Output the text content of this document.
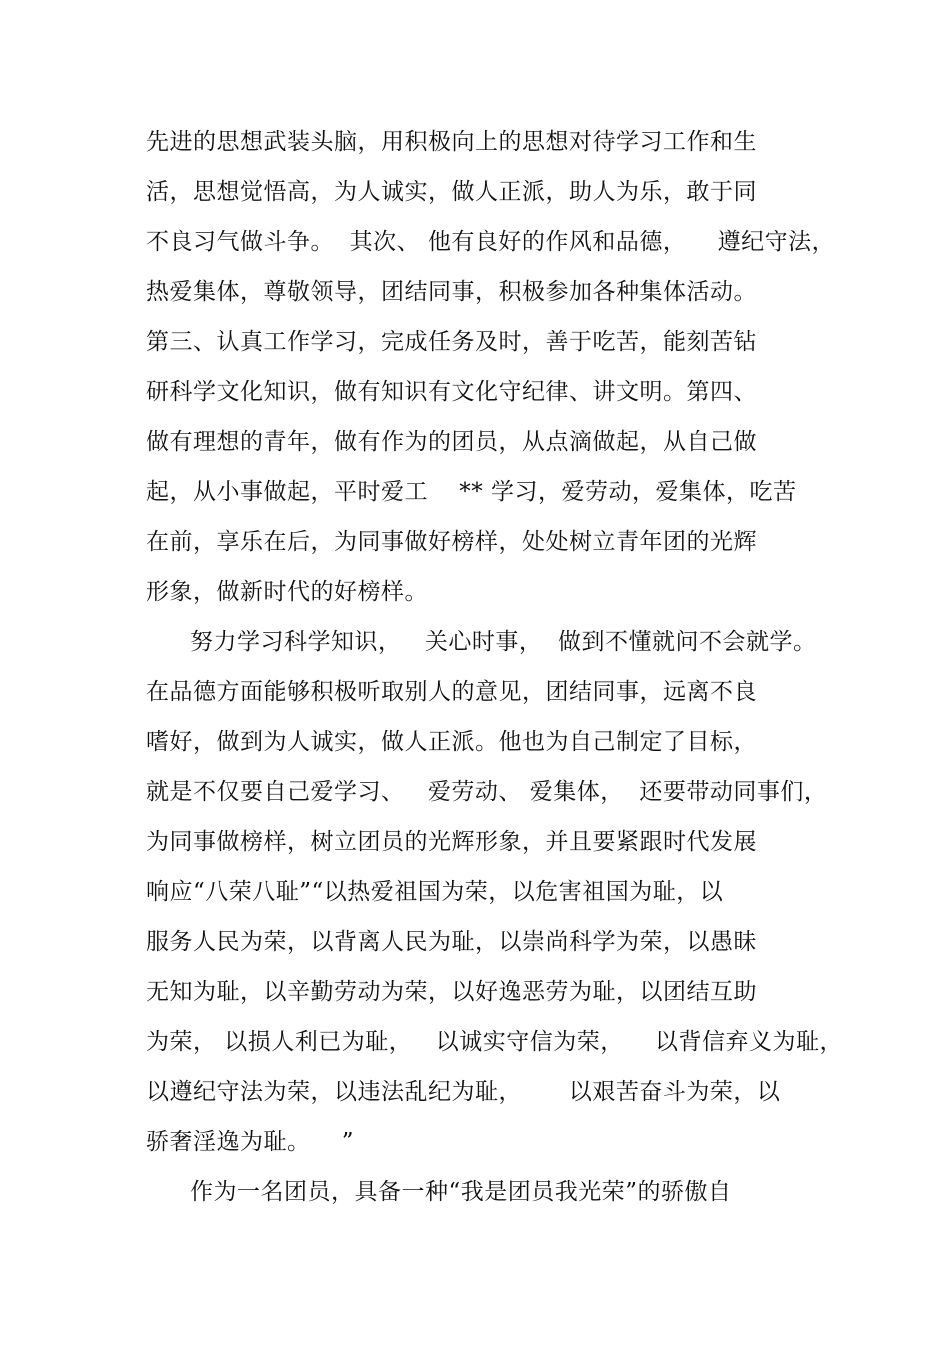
先进的思想武装头脑，用积极向上的思想对待学习工作和生
活，思想觉悟高，为人诚实，做人正派，助人为乐，敢于同
不良习气做斗争。  其次、 他有良好的作风和品德，    遵纪守法，
热爱集体，尊敬领导，团结同事，积极参加各种集体活动。
第三、认真工作学习，完成任务及时，善于吃苦，能刻苦钻
研科学文化知识，做有知识有文化守纪律、讲文明。第四、
做有理想的青年，做有作为的团员，从点滴做起，从自己做
起，从小事做起，平时爱工    ** 学习，爱劳动，爱集体，吃苦
在前，享乐在后，为同事做好榜样，处处树立青年团的光辉
形象，做新时代的好榜样。
努力学习科学知识，   关心时事，  做到不懂就问不会就学。
在品德方面能够积极听取别人的意见，团结同事，远离不良
嗜好，做到为人诚实，做人正派。他也为自己制定了目标，
就是不仅要自己爱学习、   爱劳动、 爱集体，  还要带动同事们，
为同事做榜样，树立团员的光辉形象，并且要紧跟时代发展
响应“八荣八耻”“以热爱祖国为荣，以危害祖国为耻，以
服务人民为荣，以背离人民为耻，以崇尚科学为荣，以愚昧
无知为耻，以辛勤劳动为荣，以好逸恶劳为耻，以团结互助
为荣， 以损人利已为耻，   以诚实守信为荣，    以背信弃义为耻，
以遵纪守法为荣，以违法乱纪为耻，      以艰苦奋斗为荣，以
骄奢淫逸为耻。    ”
作为一名团员，具备一种“我是团员我光荣”的骄傲自
